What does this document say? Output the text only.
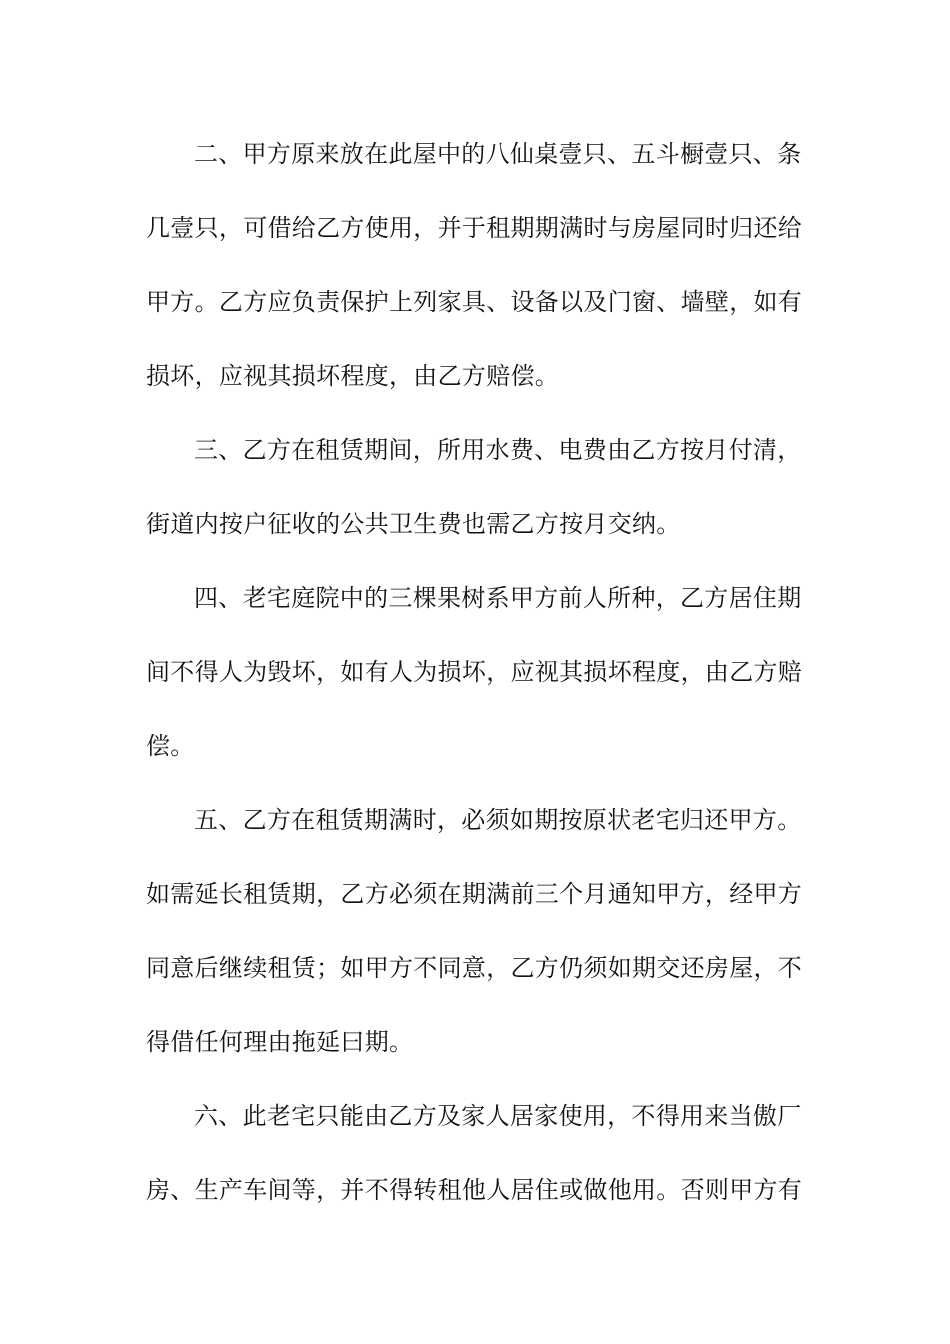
二、甲方原来放在此屋中的八仙桌壹只、五斗橱壹只、条
几壹只，可借给乙方使用，并于租期期满时与房屋同时归还给
甲方。乙方应负责保护上列家具、设备以及门窗、墙壁，如有
损坏，应视其损坏程度，由乙方赔偿。
三、乙方在租赁期间，所用水费、电费由乙方按月付清，
街道内按户征收的公共卫生费也需乙方按月交纳。
四、老宅庭院中的三棵果树系甲方前人所种，乙方居住期
间不得人为毁坏，如有人为损坏，应视其损坏程度，由乙方赔
偿。
五、乙方在租赁期满时，必须如期按原状老宅归还甲方。
如需延长租赁期，乙方必须在期满前三个月通知甲方，经甲方
同意后继续租赁；如甲方不同意，乙方仍须如期交还房屋，不
得借任何理由拖延曰期。
六、此老宅只能由乙方及家人居家使用，不得用来当傲厂
房、生产车间等，并不得转租他人居住或做他用。否则甲方有
